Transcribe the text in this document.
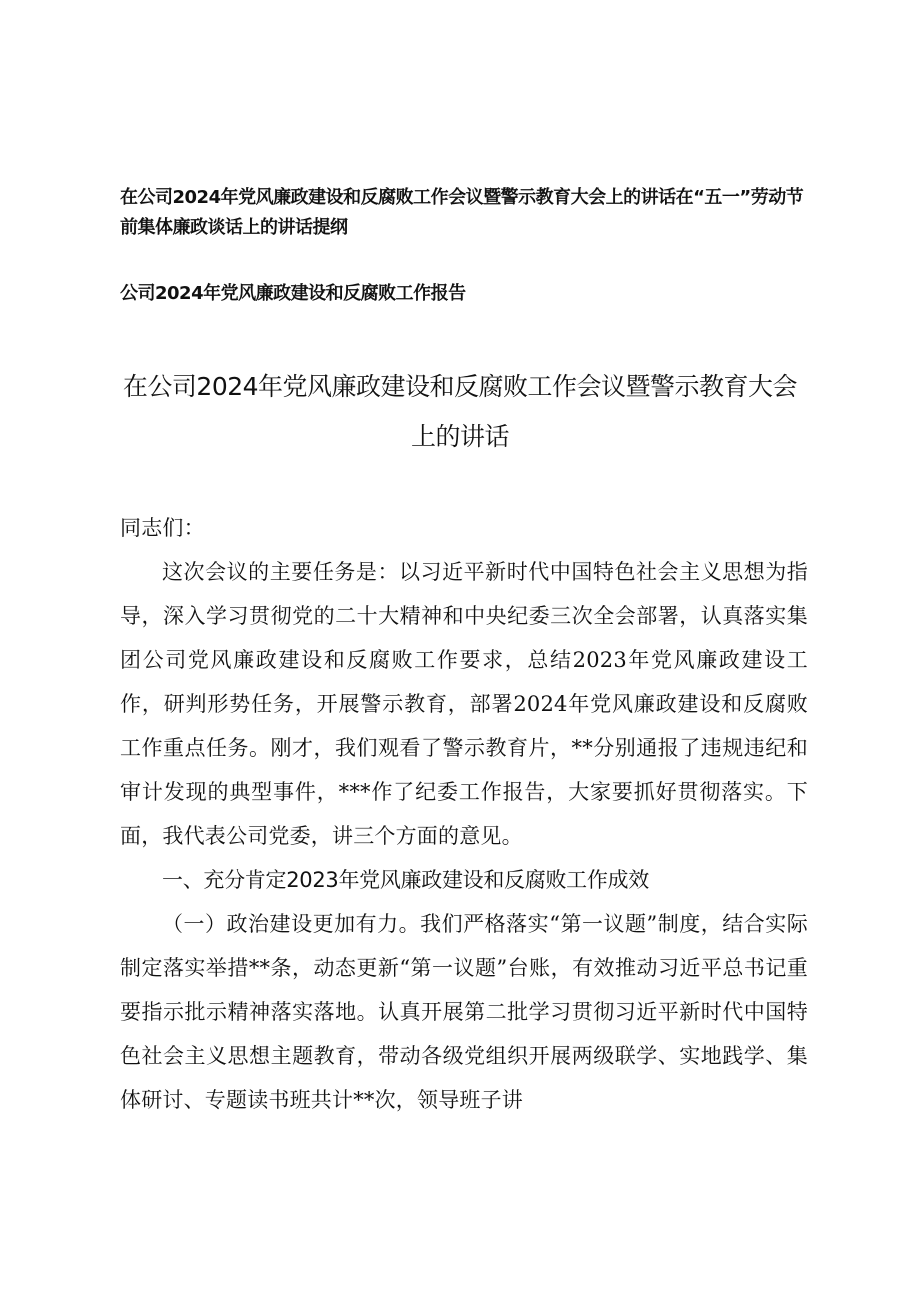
在公司2024年党风廉政建设和反腐败工作会议暨警示教育大会上的讲话在“五一”劳动节前集体廉政谈话上的讲话提纲

公司2024年党风廉政建设和反腐败工作报告

在公司2024年党风廉政建设和反腐败工作会议暨警示教育大会上的讲话

同志们：

这次会议的主要任务是：以习近平新时代中国特色社会主义思想为指导，深入学习贯彻党的二十大精神和中央纪委三次全会部署，认真落实集团公司党风廉政建设和反腐败工作要求，总结2023年党风廉政建设工作，研判形势任务，开展警示教育，部署2024年党风廉政建设和反腐败工作重点任务。刚才，我们观看了警示教育片，**分别通报了违规违纪和审计发现的典型事件，***作了纪委工作报告，大家要抓好贯彻落实。下面，我代表公司党委，讲三个方面的意见。

一、充分肯定2023年党风廉政建设和反腐败工作成效

（一）政治建设更加有力。我们严格落实“第一议题”制度，结合实际制定落实举措**条，动态更新“第一议题”台账，有效推动习近平总书记重要指示批示精神落实落地。认真开展第二批学习贯彻习近平新时代中国特色社会主义思想主题教育，带动各级党组织开展两级联学、实地践学、集体研讨、专题读书班共计**次，领导班子讲
